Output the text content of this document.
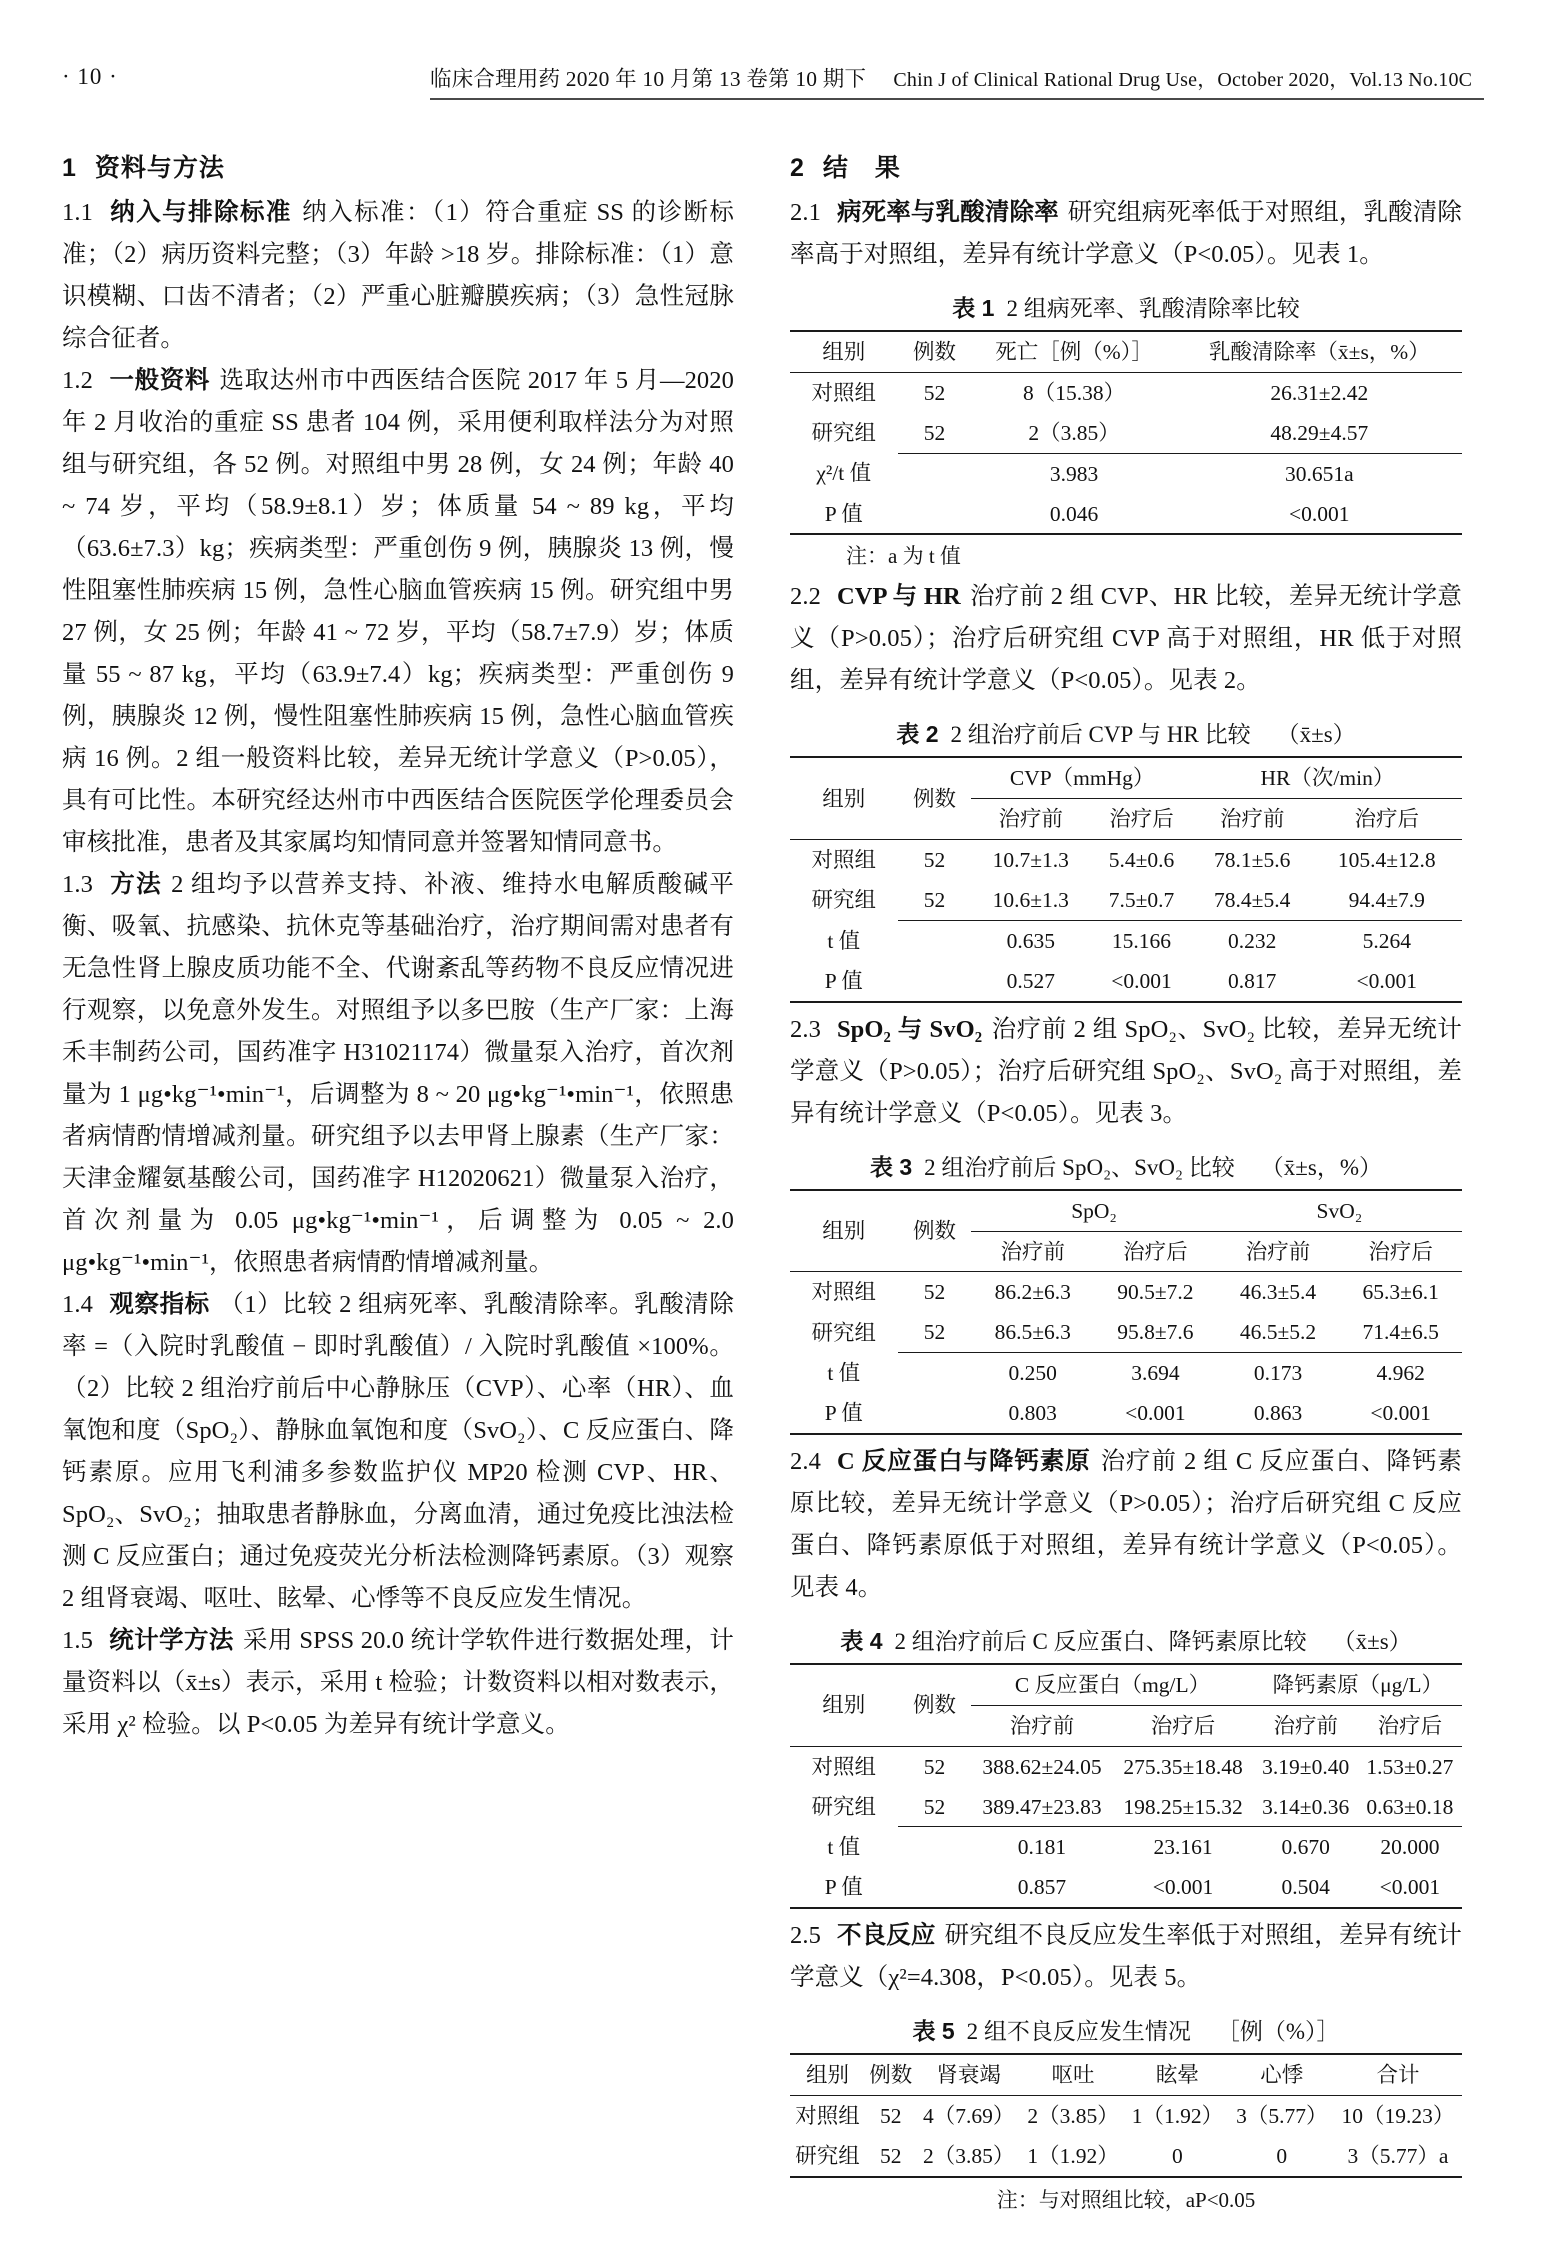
· 10 ·	临床合理用药 2020 年 10 月第 13 卷第 10 期下 Chin J of Clinical Rational Drug Use，October 2020，Vol.13 No.10C
1 资料与方法

1.1 纳入与排除标准 纳入标准：（1）符合重症 SS 的诊断标准；（2）病历资料完整；（3）年龄 >18 岁。排除标准：（1）意识模糊、口齿不清者；（2）严重心脏瓣膜疾病；（3）急性冠脉综合征者。

1.2 一般资料 选取达州市中西医结合医院 2017 年 5 月—2020 年 2 月收治的重症 SS 患者 104 例，采用便利取样法分为对照组与研究组，各 52 例。对照组中男 28 例，女 24 例；年龄 40 ~ 74 岁，平均（58.9±8.1）岁；体质量 54 ~ 89 kg，平均（63.6±7.3）kg；疾病类型：严重创伤 9 例，胰腺炎 13 例，慢性阻塞性肺疾病 15 例，急性心脑血管疾病 15 例。研究组中男 27 例，女 25 例；年龄 41 ~ 72 岁，平均（58.7±7.9）岁；体质量 55 ~ 87 kg，平均（63.9±7.4）kg；疾病类型：严重创伤 9 例，胰腺炎 12 例，慢性阻塞性肺疾病 15 例，急性心脑血管疾病 16 例。2 组一般资料比较，差异无统计学意义（P>0.05），具有可比性。本研究经达州市中西医结合医院医学伦理委员会审核批准，患者及其家属均知情同意并签署知情同意书。

1.3 方法 2 组均予以营养支持、补液、维持水电解质酸碱平衡、吸氧、抗感染、抗休克等基础治疗，治疗期间需对患者有无急性肾上腺皮质功能不全、代谢紊乱等药物不良反应情况进行观察，以免意外发生。对照组予以多巴胺（生产厂家：上海禾丰制药公司，国药准字 H31021174）微量泵入治疗，首次剂量为 1 μg•kg⁻¹•min⁻¹，后调整为 8 ~ 20 μg•kg⁻¹•min⁻¹，依照患者病情酌情增减剂量。研究组予以去甲肾上腺素（生产厂家：天津金耀氨基酸公司，国药准字 H12020621）微量泵入治疗，首次剂量为 0.05 μg•kg⁻¹•min⁻¹，后调整为 0.05 ~ 2.0 μg•kg⁻¹•min⁻¹，依照患者病情酌情增减剂量。

1.4 观察指标 （1）比较 2 组病死率、乳酸清除率。乳酸清除率 =（入院时乳酸值 − 即时乳酸值）/ 入院时乳酸值 ×100%。（2）比较 2 组治疗前后中心静脉压（CVP）、心率（HR）、血氧饱和度（SpO₂）、静脉血氧饱和度（SvO₂）、C 反应蛋白、降钙素原。应用飞利浦多参数监护仪 MP20 检测 CVP、HR、SpO₂、SvO₂；抽取患者静脉血，分离血清，通过免疫比浊法检测 C 反应蛋白；通过免疫荧光分析法检测降钙素原。（3）观察 2 组肾衰竭、呕吐、眩晕、心悸等不良反应发生情况。

1.5 统计学方法 采用 SPSS 20.0 统计学软件进行数据处理，计量资料以（x̄±s）表示，采用 t 检验；计数资料以相对数表示，采用 χ² 检验。以 P<0.05 为差异有统计学意义。

2 结　果

2.1 病死率与乳酸清除率 研究组病死率低于对照组，乳酸清除率高于对照组，差异有统计学意义（P<0.05）。见表 1。

表 1 2 组病死率、乳酸清除率比较
组别	例数	死亡［例（%）］	乳酸清除率（x̄±s，%）
对照组	52	8（15.38）	26.31±2.42
研究组	52	2（3.85）	48.29±4.57
χ²/t 值		3.983	30.651a
P 值		0.046	<0.001
注：a 为 t 值

2.2 CVP 与 HR 治疗前 2 组 CVP、HR 比较，差异无统计学意义（P>0.05）；治疗后研究组 CVP 高于对照组，HR 低于对照组，差异有统计学意义（P<0.05）。见表 2。

表 2 2 组治疗前后 CVP 与 HR 比较 （x̄±s）
组别	例数	CVP（mmHg）		HR（次/min）	
		治疗前	治疗后	治疗前	治疗后
对照组	52	10.7±1.3	5.4±0.6	78.1±5.6	105.4±12.8
研究组	52	10.6±1.3	7.5±0.7	78.4±5.4	94.4±7.9
t 值		0.635	15.166	0.232	5.264
P 值		0.527	<0.001	0.817	<0.001

2.3 SpO₂ 与 SvO₂ 治疗前 2 组 SpO₂、SvO₂ 比较，差异无统计学意义（P>0.05）；治疗后研究组 SpO₂、SvO₂ 高于对照组，差异有统计学意义（P<0.05）。见表 3。

表 3 2 组治疗前后 SpO₂、SvO₂ 比较 （x̄±s，%）
组别	例数	SpO₂		SvO₂	
		治疗前	治疗后	治疗前	治疗后
对照组	52	86.2±6.3	90.5±7.2	46.3±5.4	65.3±6.1
研究组	52	86.5±6.3	95.8±7.6	46.5±5.2	71.4±6.5
t 值		0.250	3.694	0.173	4.962
P 值		0.803	<0.001	0.863	<0.001

2.4 C 反应蛋白与降钙素原 治疗前 2 组 C 反应蛋白、降钙素原比较，差异无统计学意义（P>0.05）；治疗后研究组 C 反应蛋白、降钙素原低于对照组，差异有统计学意义（P<0.05）。见表 4。

表 4 2 组治疗前后 C 反应蛋白、降钙素原比较 （x̄±s）
组别	例数	C 反应蛋白（mg/L）		降钙素原（μg/L）	
		治疗前	治疗后	治疗前	治疗后
对照组	52	388.62±24.05	275.35±18.48	3.19±0.40	1.53±0.27
研究组	52	389.47±23.83	198.25±15.32	3.14±0.36	0.63±0.18
t 值		0.181	23.161	0.670	20.000
P 值		0.857	<0.001	0.504	<0.001

2.5 不良反应 研究组不良反应发生率低于对照组，差异有统计学意义（χ²=4.308，P<0.05）。见表 5。

表 5 2 组不良反应发生情况 ［例（%）］
组别	例数	肾衰竭	呕吐	眩晕	心悸	合计
对照组	52	4（7.69）	2（3.85）	1（1.92）	3（5.77）	10（19.23）
研究组	52	2（3.85）	1（1.92）	0	0	3（5.77）a
注：与对照组比较，aP<0.05
